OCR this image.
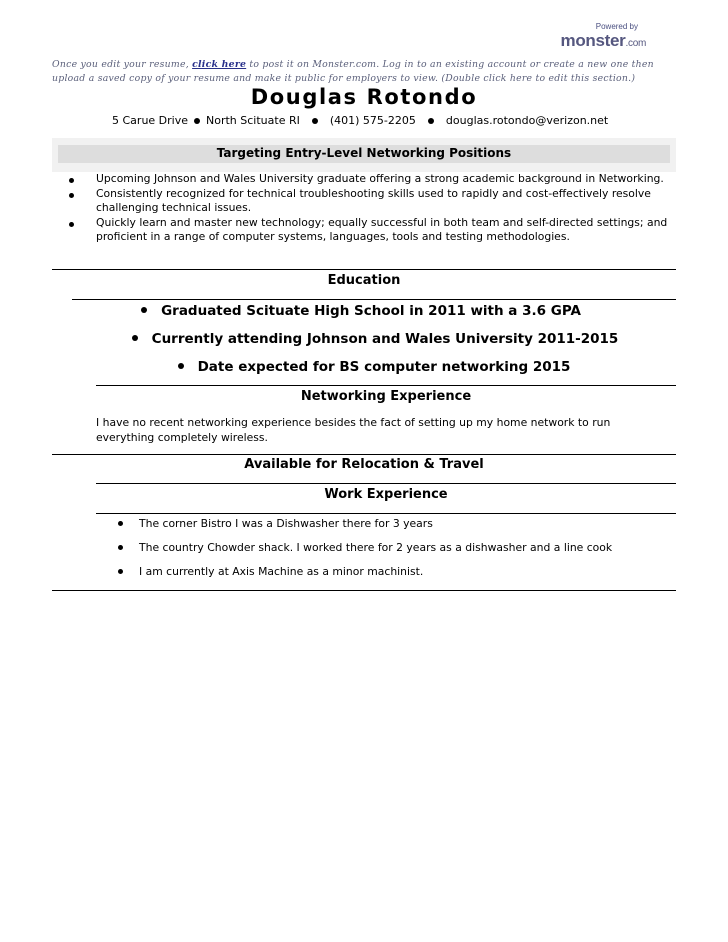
Powered by
monster.com
Once you edit your resume, click here to post it on Monster.com. Log in to an existing account or create a new one then upload a saved copy of your resume and make it public for employers to view. (Double click here to edit this section.)
Douglas Rotondo
5 Carue Drive North Scituate RI	(401) 575-2205	douglas.rotondo@verizon.net
Targeting Entry-Level Networking Positions
Upcoming Johnson and Wales University graduate offering a strong academic background in Networking.
Consistently recognized for technical troubleshooting skills used to rapidly and cost-effectively resolve challenging technical issues.
Quickly learn and master new technology; equally successful in both team and self-directed settings; and proficient in a range of computer systems, languages, tools and testing methodologies.
Education
Graduated Scituate High School in 2011 with a 3.6 GPA
Currently attending Johnson and Wales University 2011-2015
Date expected for BS computer networking 2015
Networking Experience
I have no recent networking experience besides the fact of setting up my home network to run everything completely wireless.
Available for Relocation & Travel
Work Experience
The corner Bistro I was a Dishwasher there for 3 years
The country Chowder shack. I worked there for 2 years as a dishwasher and a line cook
I am currently at Axis Machine as a minor machinist.
